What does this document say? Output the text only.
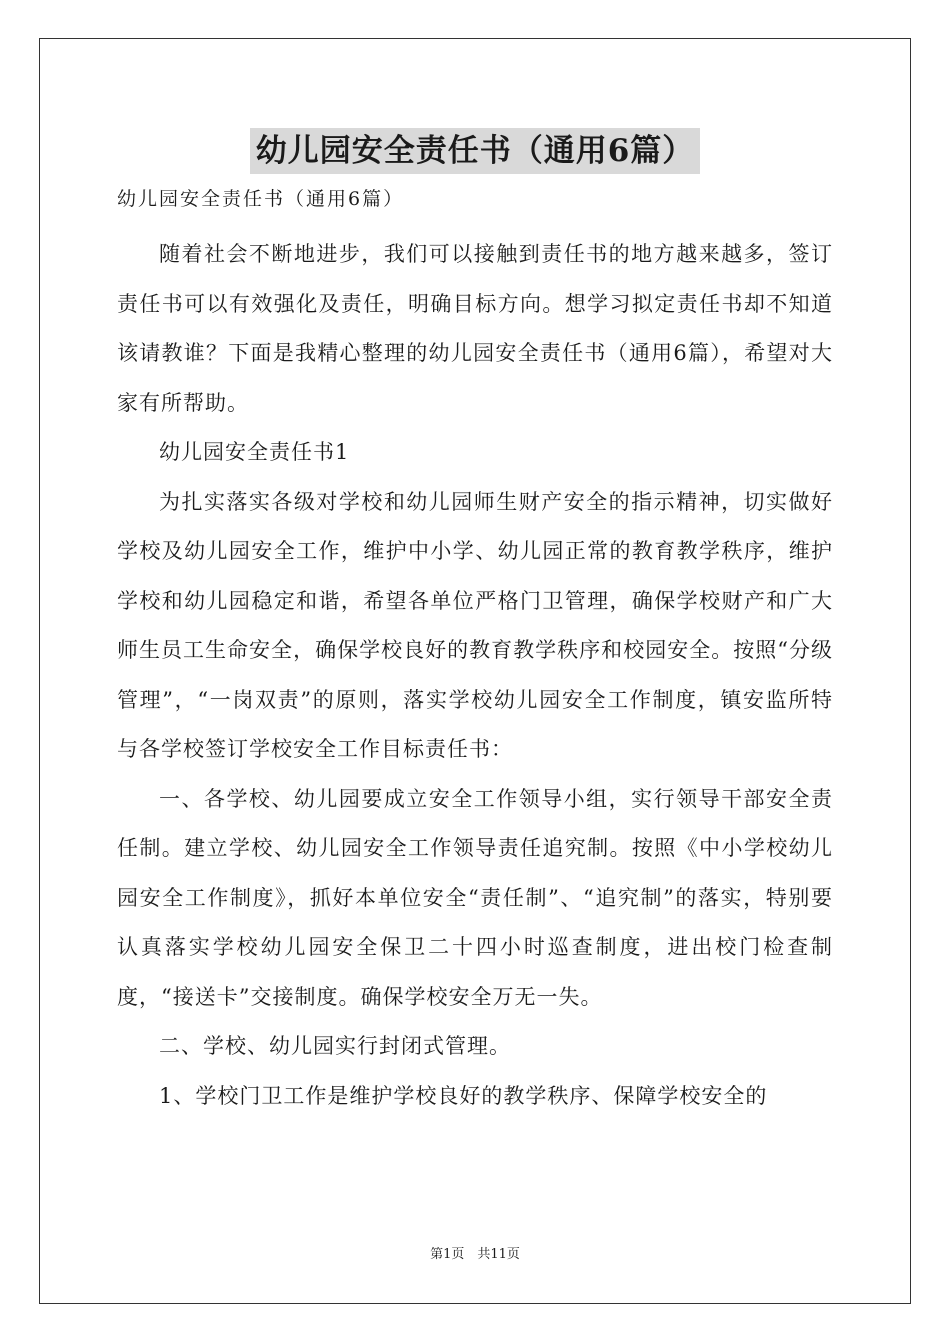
幼儿园安全责任书（通用6篇）
幼儿园安全责任书（通用6篇）

随着社会不断地进步，我们可以接触到责任书的地方越来越多，签订责任书可以有效强化及责任，明确目标方向。想学习拟定责任书却不知道该请教谁？下面是我精心整理的幼儿园安全责任书（通用6篇），希望对大家有所帮助。

幼儿园安全责任书1

为扎实落实各级对学校和幼儿园师生财产安全的指示精神，切实做好学校及幼儿园安全工作，维护中小学、幼儿园正常的教育教学秩序，维护学校和幼儿园稳定和谐，希望各单位严格门卫管理，确保学校财产和广大师生员工生命安全，确保学校良好的教育教学秩序和校园安全。按照“分级管理”，“一岗双责”的原则，落实学校幼儿园安全工作制度，镇安监所特与各学校签订学校安全工作目标责任书：

一、各学校、幼儿园要成立安全工作领导小组，实行领导干部安全责任制。建立学校、幼儿园安全工作领导责任追究制。按照《中小学校幼儿园安全工作制度》，抓好本单位安全“责任制”、“追究制”的落实，特别要认真落实学校幼儿园安全保卫二十四小时巡查制度，进出校门检查制度，“接送卡”交接制度。确保学校安全万无一失。

二、学校、幼儿园实行封闭式管理。

1、学校门卫工作是维护学校良好的教学秩序、保障学校安全的

第1页　共11页
